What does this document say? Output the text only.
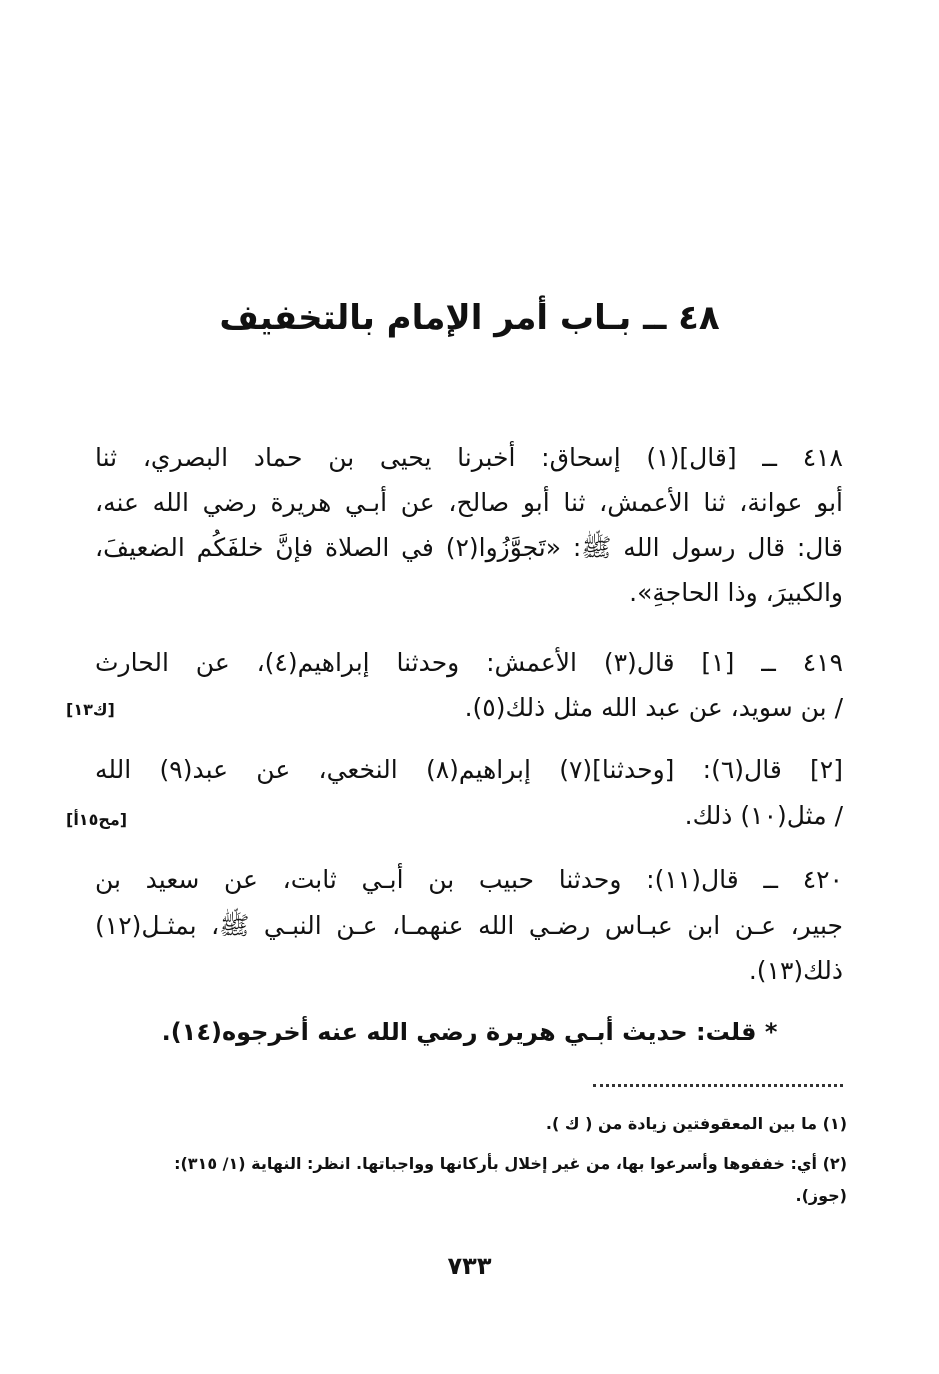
٤٨ ــ بـاب أمر الإمام بالتخفيف
٤١٨ ــ [قال](١) إسحاق: أخبرنا يحيى بن حماد البصري، ثنا
أبو عوانة، ثنا الأعمش، ثنا أبو صالح، عن أبـي هريرة رضي الله عنه،
قال: قال رسول الله ﷺ: «تَجوَّزُوا(٢) في الصلاة فإنَّ خلفَكُم الضعيفَ،
والكبيرَ، وذا الحاجةِ».
٤١٩ ــ [١] قال(٣) الأعمش: وحدثنا إبراهيم(٤)، عن الحارث
/ بن سويد، عن عبد الله مثل ذلك(٥).
[ك١٣]
[٢] قال(٦): [وحدثنا](٧) إبراهيم(٨) النخعي، عن عبد(٩) الله
/ مثل(١٠) ذلك.
[مح١٥أ]
٤٢٠ ــ قال(١١): وحدثنا حبيب بن أبـي ثابت، عن سعيد بن
جبير، عـن ابن عبـاس رضـي الله عنهمـا، عـن النبـي ﷺ، بمثـل(١٢)
ذلك(١٣).
* قلت: حديث أبـي هريرة رضي الله عنه أخرجوه(١٤).
(١) ما بين المعقوفتين زيادة من ( ك ).
(٢) أي: خففوها وأسرعوا بها، من غير إخلال بأركانها وواجباتها. انظر: النهاية (١/ ٣١٥):
(جوز).
٧٣٣
